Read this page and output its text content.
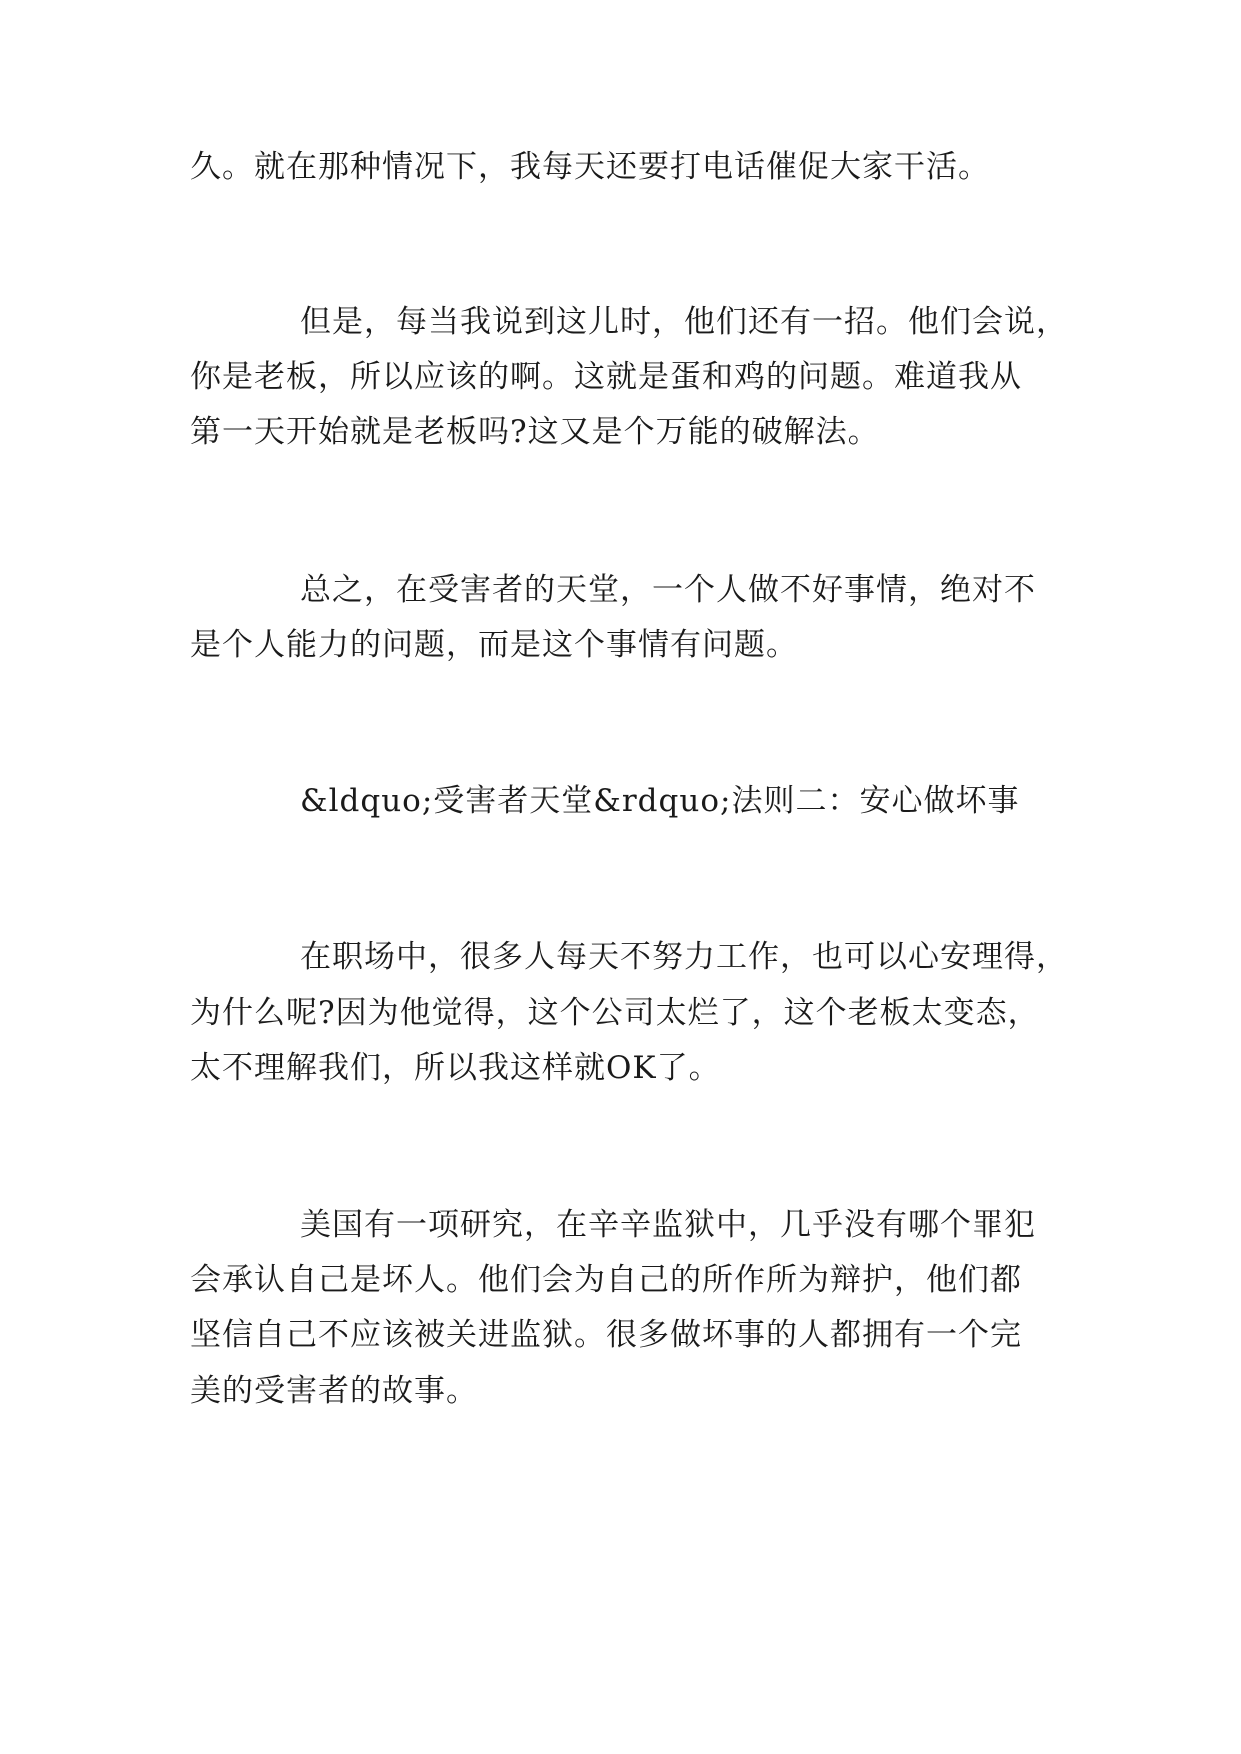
久。就在那种情况下，我每天还要打电话催促大家干活。
但是，每当我说到这儿时，他们还有一招。他们会说，
你是老板，所以应该的啊。这就是蛋和鸡的问题。难道我从
第一天开始就是老板吗?这又是个万能的破解法。
总之，在受害者的天堂，一个人做不好事情，绝对不
是个人能力的问题，而是这个事情有问题。
&ldquo;受害者天堂&rdquo;法则二：安心做坏事
在职场中，很多人每天不努力工作，也可以心安理得，
为什么呢?因为他觉得，这个公司太烂了，这个老板太变态，
太不理解我们，所以我这样就OK了。
美国有一项研究，在辛辛监狱中，几乎没有哪个罪犯
会承认自己是坏人。他们会为自己的所作所为辩护，他们都
坚信自己不应该被关进监狱。很多做坏事的人都拥有一个完
美的受害者的故事。
